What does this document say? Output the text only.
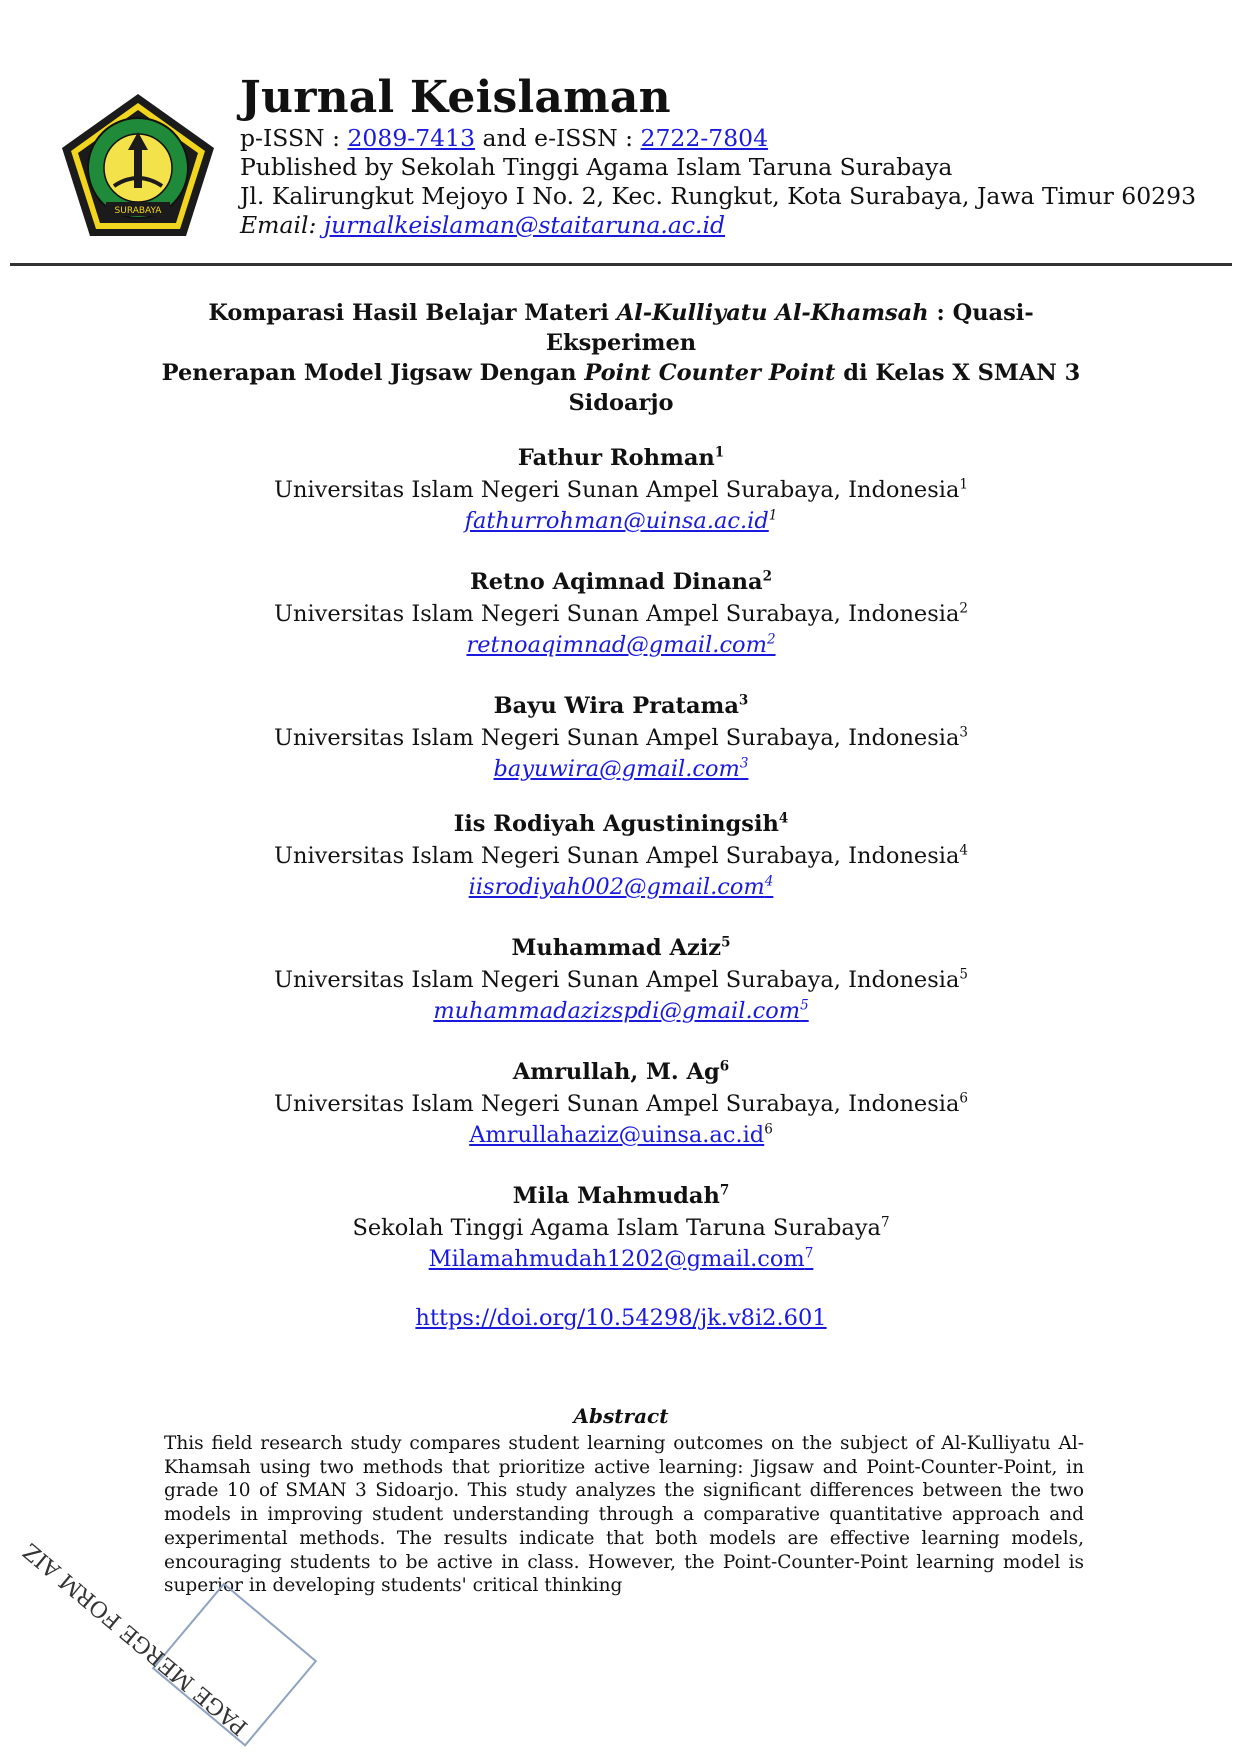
SURABAYA
Jurnal Keislaman
p-ISSN : 2089-7413 and e-ISSN : 2722-7804
Published by Sekolah Tinggi Agama Islam Taruna Surabaya
Jl. Kalirungkut Mejoyo I No. 2, Kec. Rungkut, Kota Surabaya, Jawa Timur 60293
Email: jurnalkeislaman@staitaruna.ac.id
Komparasi Hasil Belajar Materi Al-Kulliyatu Al-Khamsah : Quasi-Eksperimen
Penerapan Model Jigsaw Dengan Point Counter Point di Kelas X SMAN 3
Sidoarjo
Fathur Rohman$^1$
Universitas Islam Negeri Sunan Ampel Surabaya, Indonesia$^1$
$fathurrohman@uinsa.ac.id^1$
Retno Aqimnad Dinana$^2$
Universitas Islam Negeri Sunan Ampel Surabaya, Indonesia$^2$
retnoaqimnad@gmail.com$^2$
Bayu Wira Pratama$^3$
Universitas Islam Negeri Sunan Ampel Surabaya, Indonesia$^3$
bayuwira@gmail.com$^3$
Iis Rodiyah Agustiningsih$^4$
Universitas Islam Negeri Sunan Ampel Surabaya, Indonesia$^4$
iisrodiyah002@gmail.com$^4$
Muhammad Aziz$^5$
Universitas Islam Negeri Sunan Ampel Surabaya, Indonesia$^5$
muhammadazizspdi@gmail.com$^5$
Amrullah, M. Ag$^6$
Universitas Islam Negeri Sunan Ampel Surabaya, Indonesia$^6$
$Amrullahaziz@uinsa.ac.id^6$
Mila Mahmudah$^7$
Sekolah Tinggi Agama Islam Taruna Surabaya$^7$
Milamahmudah1202@gmail.com$^7$
https://doi.org/10.54298/jk.v8i2.601
Abstract

This field research study compares student learning outcomes on the subject of Al-Kulliyatu Al-Khamsah using two methods that prioritize active learning: Jigsaw and Point-Counter-Point, in grade 10 of SMAN 3 Sidoarjo. This study analyzes the significant differences between the two models in improving student understanding through a comparative quantitative approach and experimental methods. The results indicate that both models are effective learning models, encouraging students to be active in class. However, the Point-Counter-Point learning model is superior in developing students' critical thinking

PAGE MERGE FORM AIZ
